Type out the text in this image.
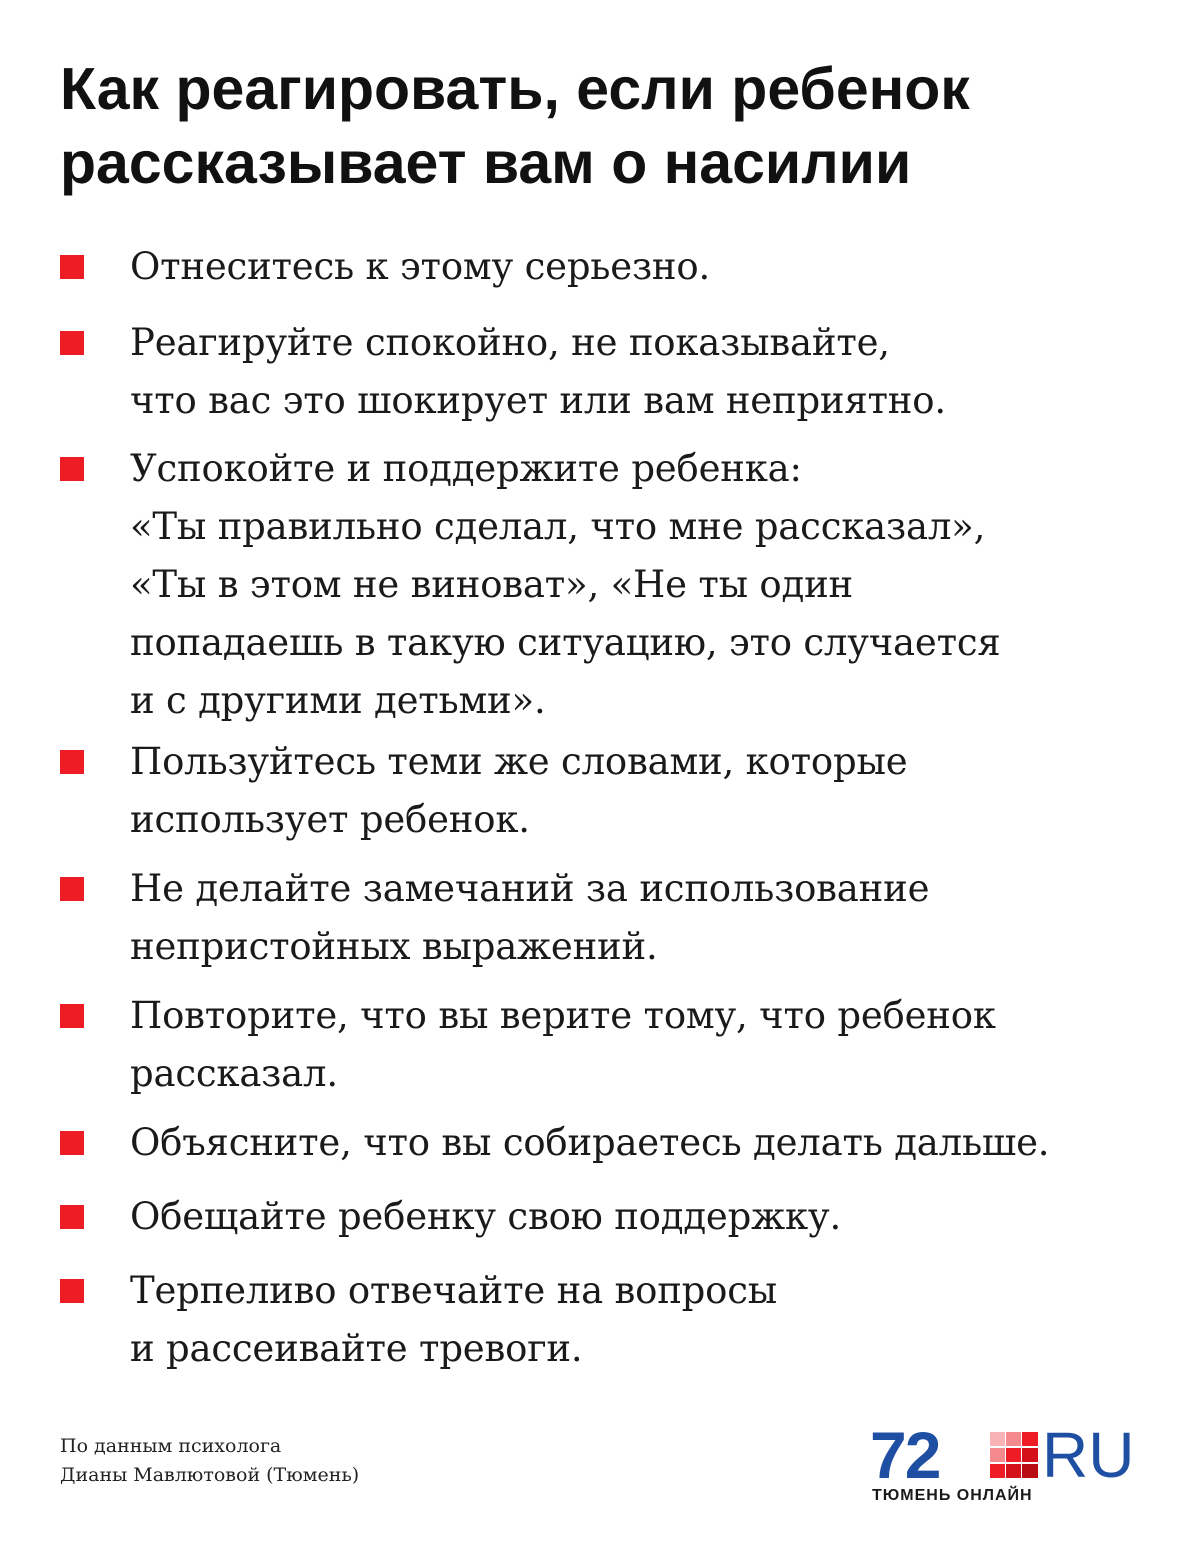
Как реагировать, если ребенок
рассказывает вам о насилии
Отнеситесь к этому серьезно.
Реагируйте спокойно, не показывайте,
что вас это шокирует или вам неприятно.
Успокойте и поддержите ребенка:
«Ты правильно сделал, что мне рассказал»,
«Ты в этом не виноват», «Не ты один
попадаешь в такую ситуацию, это случается
и с другими детьми».
Пользуйтесь теми же словами, которые
использует ребенок.
Не делайте замечаний за использование
непристойных выражений.
Повторите, что вы верите тому, что ребенок
рассказал.
Объясните, что вы собираетесь делать дальше.
Обещайте ребенку свою поддержку.
Терпеливо отвечайте на вопросы
и рассеивайте тревоги.
По данным психолога
Дианы Мавлютовой (Тюмень)	72 RU
ТЮМЕНЬ ОНЛАЙН
